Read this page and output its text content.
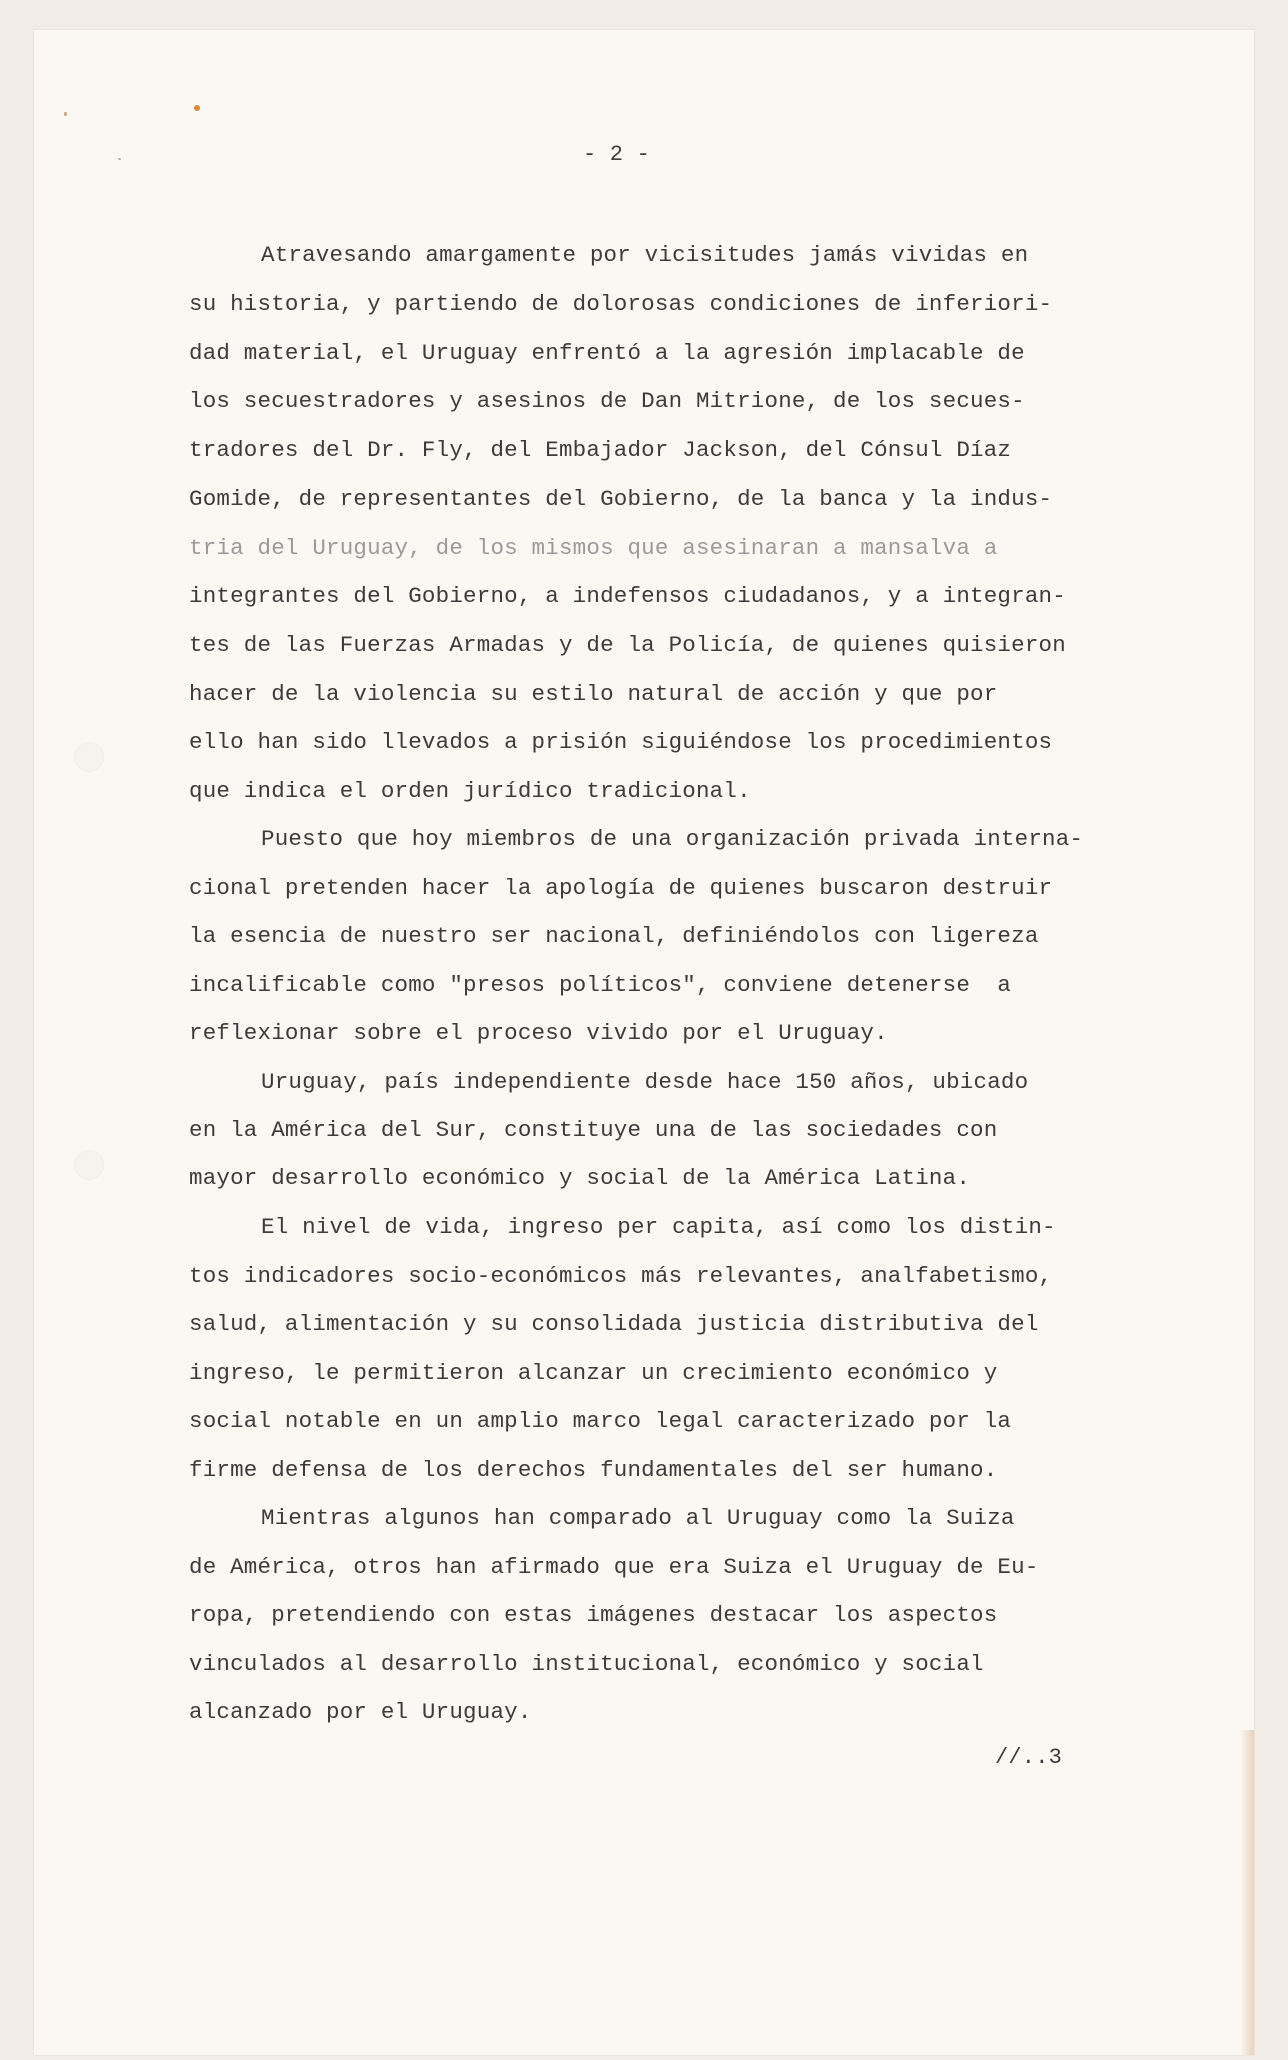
- 2 -
Atravesando amargamente por vicisitudes jamás vividas en
su historia, y partiendo de dolorosas condiciones de inferiori-
dad material, el Uruguay enfrentó a la agresión implacable de
los secuestradores y asesinos de Dan Mitrione, de los secues-
tradores del Dr. Fly, del Embajador Jackson, del Cónsul Díaz
Gomide, de representantes del Gobierno, de la banca y la indus-
tria del Uruguay, de los mismos que asesinaran a mansalva a
integrantes del Gobierno, a indefensos ciudadanos, y a integran-
tes de las Fuerzas Armadas y de la Policía, de quienes quisieron
hacer de la violencia su estilo natural de acción y que por
ello han sido llevados a prisión siguiéndose los procedimientos
que indica el orden jurídico tradicional.
Puesto que hoy miembros de una organización privada interna-
cional pretenden hacer la apología de quienes buscaron destruir
la esencia de nuestro ser nacional, definiéndolos con ligereza
incalificable como "presos políticos", conviene detenerse  a
reflexionar sobre el proceso vivido por el Uruguay.
Uruguay, país independiente desde hace 150 años, ubicado
en la América del Sur, constituye una de las sociedades con
mayor desarrollo económico y social de la América Latina.
El nivel de vida, ingreso per capita, así como los distin-
tos indicadores socio-económicos más relevantes, analfabetismo,
salud, alimentación y su consolidada justicia distributiva del
ingreso, le permitieron alcanzar un crecimiento económico y
social notable en un amplio marco legal caracterizado por la
firme defensa de los derechos fundamentales del ser humano.
Mientras algunos han comparado al Uruguay como la Suiza
de América, otros han afirmado que era Suiza el Uruguay de Eu-
ropa, pretendiendo con estas imágenes destacar los aspectos
vinculados al desarrollo institucional, económico y social
alcanzado por el Uruguay.
//..3
